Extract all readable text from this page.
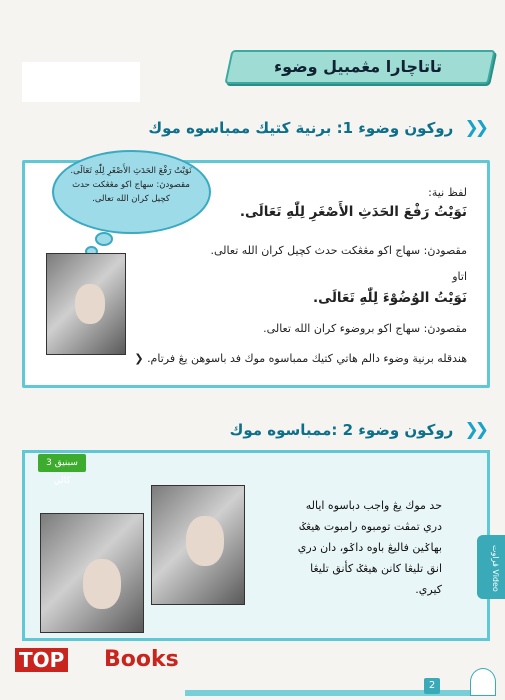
تاتاچارا مڠمبيل وضوء
❮❮ روكون وضوء 1: برنية كتيك ممباسوه موك
نَوَيْتُ رَفْعَ الحَدَثِ الأَصْغَرِ لِلّٰهِ تَعَالَى.
مقصودڽ: سهاج اكو مڠڠكت حدث
كچيل كران الله تعالى.	لفظ نية:
نَوَيْتُ رَفْعَ الحَدَثِ الأَصْغَرِ لِلّٰهِ تَعَالَى.
مقصودڽ: سهاج اكو مڠڠكت حدث كچيل كران الله تعالى.
اتاو
نَوَيْتُ الوُضُوْءَ لِلّٰهِ تَعَالَى.
مقصودڽ: سهاج اكو بروضوء كران الله تعالى.
هندقله برنية وضوء دالم هاتي كتيك ممباسوه موك فد باسوهن يڠ فرتام. ❮
❮❮ روكون وضوء 2 :ممباسوه موك
سبنيق 3 كالي
حد موك يڠ واجب دباسوه اياله
دري تمڤت تومبوه رامبوت هيڠݢ
بهاݢين فاليڠ باوه داݢو، دان دري
انق تليڠا كانن هيڠݢ كأنق تليڠا
كيري.
ڤراوت Video
2
TOP Books
